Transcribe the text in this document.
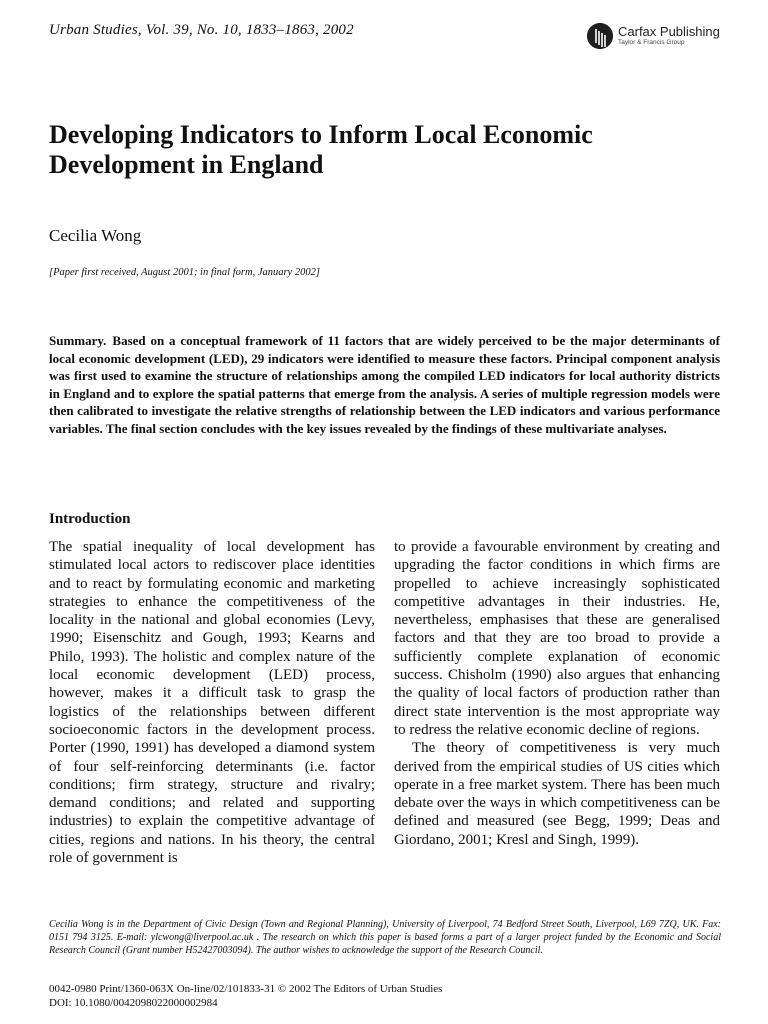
Urban Studies, Vol. 39, No. 10, 1833–1863, 2002	Carfax Publishing
Taylor & Francis Group
Developing Indicators to Inform Local Economic Development in England
Cecilia Wong
[Paper first received, August 2001; in final form, January 2002]

Summary. Based on a conceptual framework of 11 factors that are widely perceived to be the major determinants of local economic development (LED), 29 indicators were identified to measure these factors. Principal component analysis was first used to examine the structure of relationships among the compiled LED indicators for local authority districts in England and to explore the spatial patterns that emerge from the analysis. A series of multiple regression models were then calibrated to investigate the relative strengths of relationship between the LED indicators and various performance variables. The final section concludes with the key issues revealed by the findings of these multivariate analyses.

Introduction

The spatial inequality of local development has stimulated local actors to rediscover place identities and to react by formulating economic and marketing strategies to enhance the competitiveness of the locality in the national and global economies (Levy, 1990; Eisenschitz and Gough, 1993; Kearns and Philo, 1993). The holistic and complex nature of the local economic development (LED) process, however, makes it a difficult task to grasp the logistics of the relationships between different socioeconomic factors in the development process. Porter (1990, 1991) has developed a diamond system of four self-reinforcing determinants (i.e. factor conditions; firm strategy, structure and rivalry; demand conditions; and related and supporting industries) to explain the competitive advantage of cities, regions and nations. In his theory, the central role of government is

to provide a favourable environment by creating and upgrading the factor conditions in which firms are propelled to achieve increasingly sophisticated competitive advantages in their industries. He, nevertheless, emphasises that these are generalised factors and that they are too broad to provide a sufficiently complete explanation of economic success. Chisholm (1990) also argues that enhancing the quality of local factors of production rather than direct state intervention is the most appropriate way to redress the relative economic decline of regions.

The theory of competitiveness is very much derived from the empirical studies of US cities which operate in a free market system. There has been much debate over the ways in which competitiveness can be defined and measured (see Begg, 1999; Deas and Giordano, 2001; Kresl and Singh, 1999).

Cecilia Wong is in the Department of Civic Design (Town and Regional Planning), University of Liverpool, 74 Bedford Street South, Liverpool, L69 7ZQ, UK. Fax: 0151 794 3125. E-mail: ylcwong@liverpool.ac.uk . The research on which this paper is based forms a part of a larger project funded by the Economic and Social Research Council (Grant number H52427003094). The author wishes to acknowledge the support of the Research Council.

0042-0980 Print/1360-063X On-line/02/101833-31 © 2002 The Editors of Urban Studies
DOI: 10.1080/0042098022000002984
